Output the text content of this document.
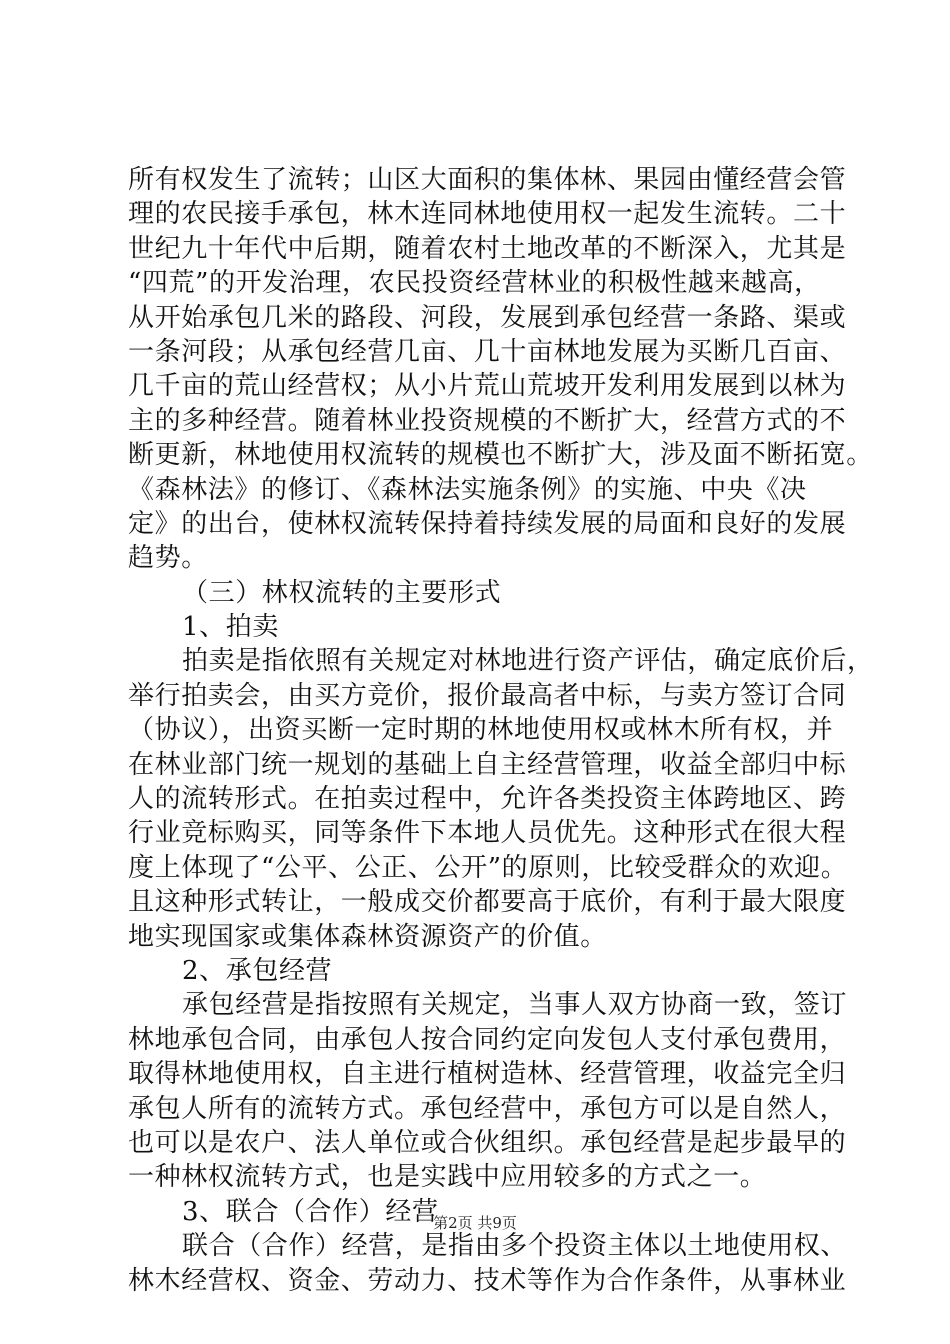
所有权发生了流转；山区大面积的集体林、果园由懂经营会管
理的农民接手承包，林木连同林地使用权一起发生流转。二十
世纪九十年代中后期，随着农村土地改革的不断深入，尤其是
“四荒”的开发治理，农民投资经营林业的积极性越来越高，
从开始承包几米的路段、河段，发展到承包经营一条路、渠或
一条河段；从承包经营几亩、几十亩林地发展为买断几百亩、
几千亩的荒山经营权；从小片荒山荒坡开发利用发展到以林为
主的多种经营。随着林业投资规模的不断扩大，经营方式的不
断更新，林地使用权流转的规模也不断扩大，涉及面不断拓宽。
《森林法》的修订、《森林法实施条例》的实施、中央《决
定》的出台，使林权流转保持着持续发展的局面和良好的发展
趋势。
（三）林权流转的主要形式
1、拍卖
拍卖是指依照有关规定对林地进行资产评估，确定底价后，
举行拍卖会，由买方竞价，报价最高者中标，与卖方签订合同
（协议），出资买断一定时期的林地使用权或林木所有权，并
在林业部门统一规划的基础上自主经营管理，收益全部归中标
人的流转形式。在拍卖过程中，允许各类投资主体跨地区、跨
行业竞标购买，同等条件下本地人员优先。这种形式在很大程
度上体现了“公平、公正、公开”的原则，比较受群众的欢迎。
且这种形式转让，一般成交价都要高于底价，有利于最大限度
地实现国家或集体森林资源资产的价值。
2、承包经营
承包经营是指按照有关规定，当事人双方协商一致，签订
林地承包合同，由承包人按合同约定向发包人支付承包费用，
取得林地使用权，自主进行植树造林、经营管理，收益完全归
承包人所有的流转方式。承包经营中，承包方可以是自然人，
也可以是农户、法人单位或合伙组织。承包经营是起步最早的
一种林权流转方式，也是实践中应用较多的方式之一。
3、联合（合作）经营
联合（合作）经营，是指由多个投资主体以土地使用权、
林木经营权、资金、劳动力、技术等作为合作条件，从事林业
第2页 共9页
